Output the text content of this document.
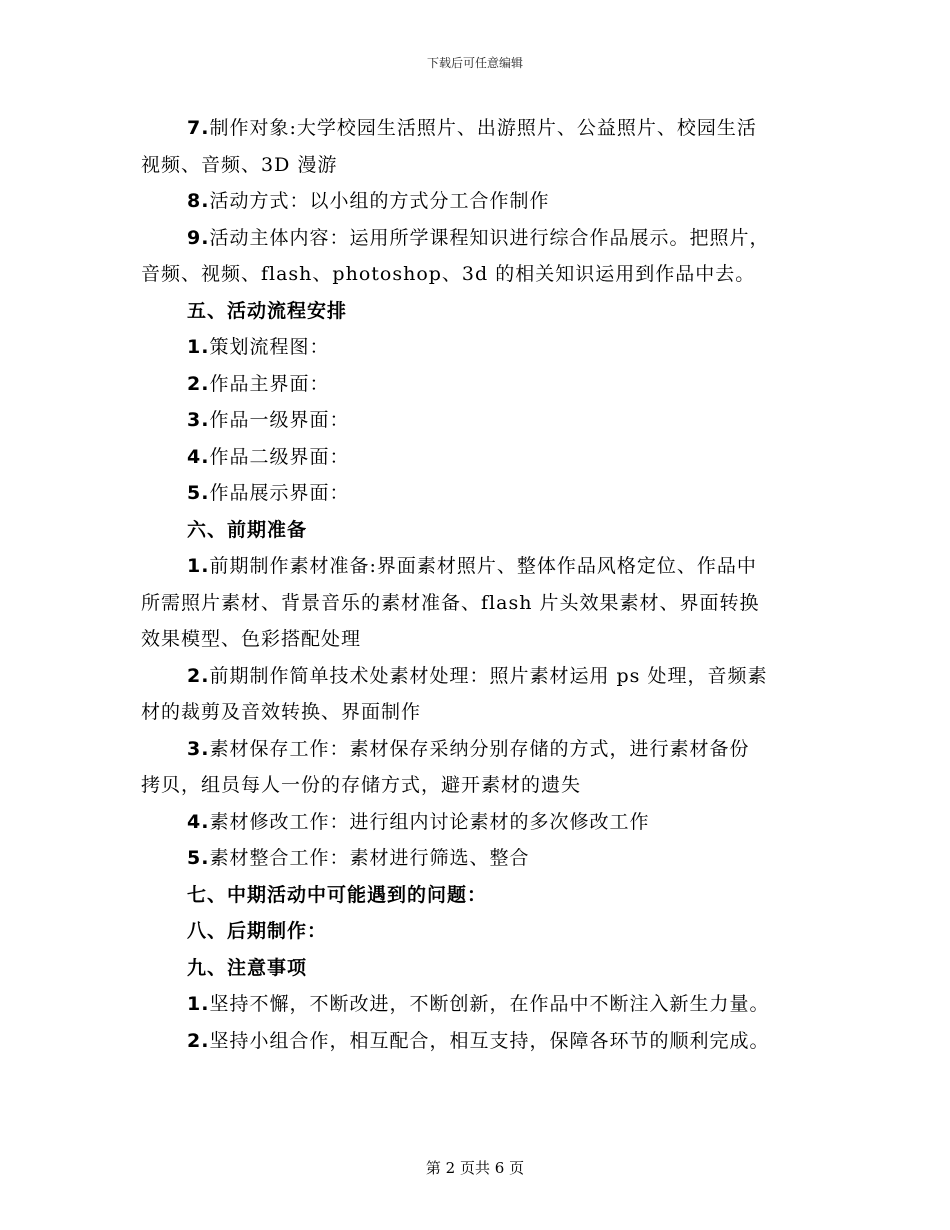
下载后可任意编辑

7.制作对象:大学校园生活照片、出游照片、公益照片、校园生活

视频、音频、3D 漫游

8.活动方式：以小组的方式分工合作制作

9.活动主体内容：运用所学课程知识进行综合作品展示。把照片，

音频、视频、flash、photoshop、3d 的相关知识运用到作品中去。

五、活动流程安排

1.策划流程图：

2.作品主界面：

3.作品一级界面：

4.作品二级界面：

5.作品展示界面：

六、前期准备

1.前期制作素材准备:界面素材照片、整体作品风格定位、作品中

所需照片素材、背景音乐的素材准备、flash 片头效果素材、界面转换

效果模型、色彩搭配处理

2.前期制作简单技术处素材处理：照片素材运用 ps 处理，音频素

材的裁剪及音效转换、界面制作

3.素材保存工作：素材保存采纳分别存储的方式，进行素材备份

拷贝，组员每人一份的存储方式，避开素材的遗失

4.素材修改工作：进行组内讨论素材的多次修改工作

5.素材整合工作：素材进行筛选、整合

七、中期活动中可能遇到的问题：

八、后期制作：

九、注意事项

1.坚持不懈，不断改进，不断创新，在作品中不断注入新生力量。

2.坚持小组合作，相互配合，相互支持，保障各环节的顺利完成。

第 2 页共 6 页
